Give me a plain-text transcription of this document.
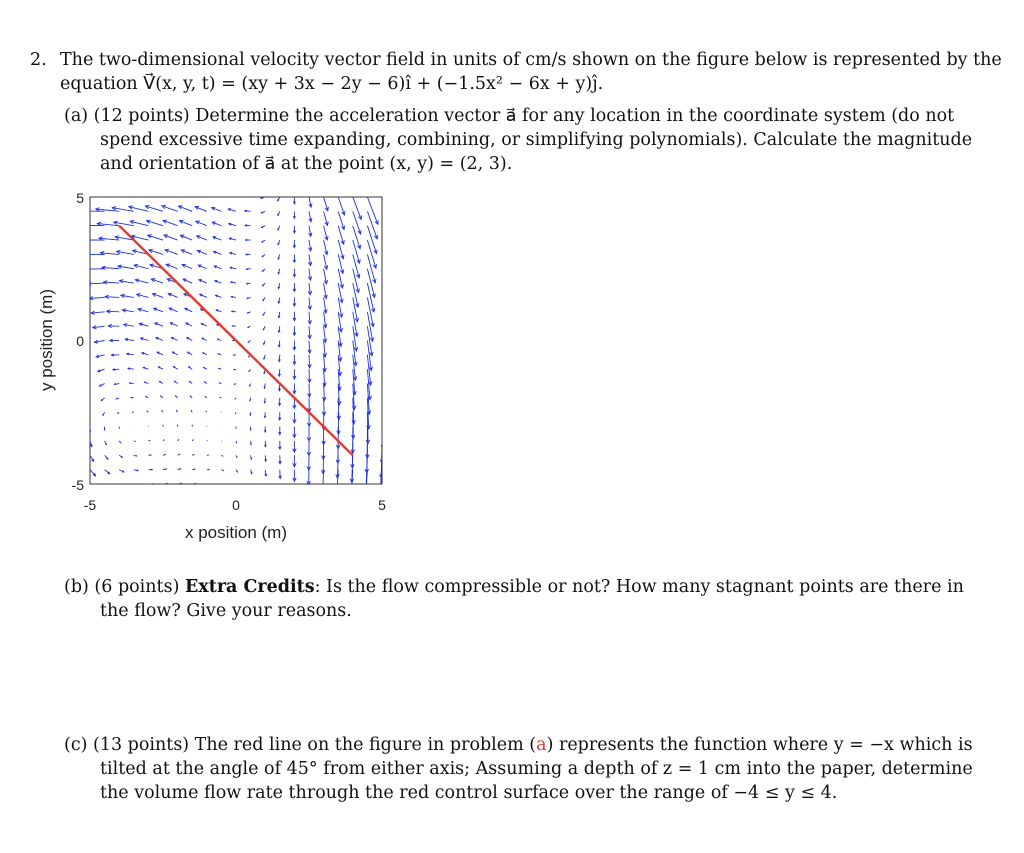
2. The two-dimensional velocity vector field in units of cm/s shown on the figure below is represented by the
equation V⃗(x, y, t) = (xy + 3x − 2y − 6)î + (−1.5x² − 6x + y)ĵ.
(a) (12 points) Determine the acceleration vector a⃗ for any location in the coordinate system (do not
spend excessive time expanding, combining, or simplifying polynomials). Calculate the magnitude
and orientation of a⃗ at the point (x, y) = (2, 3).
5
0
-5
-5	0	5
x position (m)
y position (m)
(b) (6 points) Extra Credits: Is the flow compressible or not? How many stagnant points are there in
the flow? Give your reasons.
(c) (13 points) The red line on the figure in problem (a) represents the function where y = −x which is
tilted at the angle of 45° from either axis; Assuming a depth of z = 1 cm into the paper, determine
the volume flow rate through the red control surface over the range of −4 ≤ y ≤ 4.
